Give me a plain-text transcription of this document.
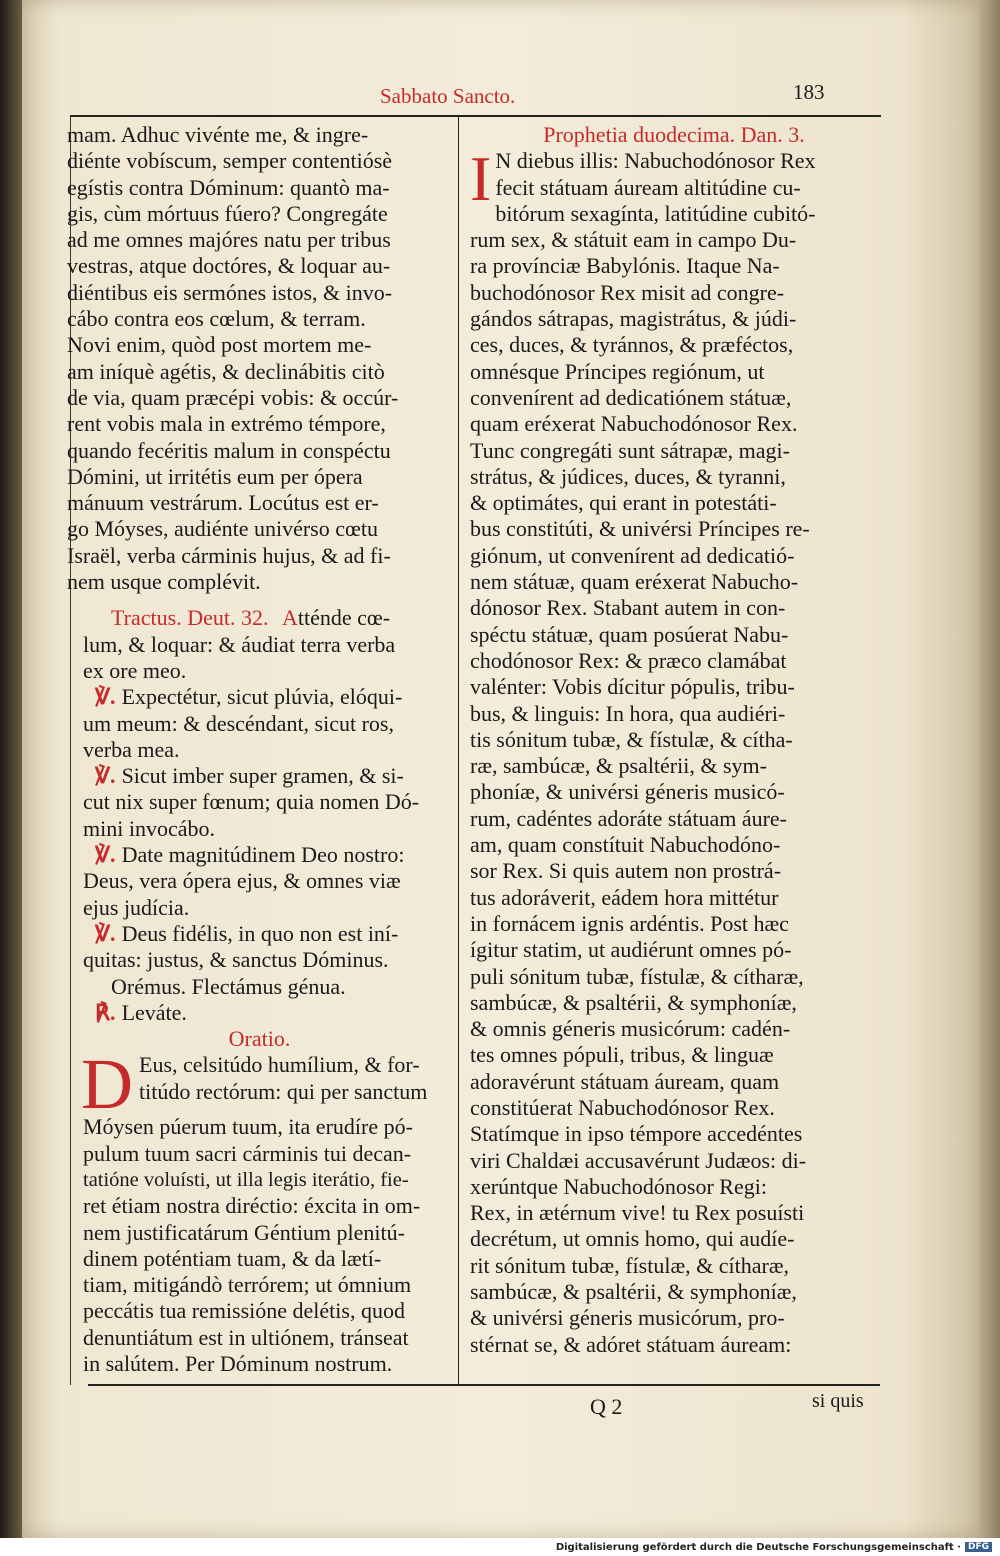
Sabbato Sancto.	183
mam. Adhuc vivénte me, & ingre-
diénte vobíscum, semper contentiósè
egístis contra Dóminum: quantò ma-
gis, cùm mórtuus fúero? Congregáte
ad me omnes majóres natu per tribus
vestras, atque doctóres, & loquar au-
diéntibus eis sermónes istos, & invo-
cábo contra eos cœlum, & terram.
Novi enim, quòd post mortem me-
am iníquè agétis, & declinábitis citò
de via, quam præcépi vobis: & occúr-
rent vobis mala in extrémo témpore,
quando fecéritis malum in conspéctu
Dómini, ut irritétis eum per ópera
mánuum vestrárum. Locútus est er-
go Móyses, audiénte univérso cœtu
Israël, verba cárminis hujus, & ad fi-
nem usque complévit.
Tractus. Deut. 32. Atténde cœ-
lum, & loquar: & áudiat terra verba
ex ore meo.
℣. Expectétur, sicut plúvia, elóqui-
um meum: & descéndant, sicut ros,
verba mea.
℣. Sicut imber super gramen, & si-
cut nix super fœnum; quia nomen Dó-
mini invocábo.
℣. Date magnitúdinem Deo nostro:
Deus, vera ópera ejus, & omnes viæ
ejus judícia.
℣. Deus fidélis, in quo non est iní-
quitas: justus, & sanctus Dóminus.
Orémus. Flectámus génua.
℟. Leváte.
Oratio.
D Eus, celsitúdo humílium, & for-
titúdo rectórum: qui per sanctum
Móysen púerum tuum, ita erudíre pó-
pulum tuum sacri cárminis tui decan-
tatióne voluísti, ut illa legis iterátio, fie-
ret étiam nostra diréctio: éxcita in om-
nem justificatárum Géntium plenitú-
dinem poténtiam tuam, & da lætí-
tiam, mitigándò terrórem; ut ómnium
peccátis tua remissióne delétis, quod
denuntiátum est in ultiónem, tránseat
in salútem. Per Dóminum nostrum.
Prophetia duodecima. Dan. 3.
I N diebus illis: Nabuchodónosor Rex
fecit státuam áuream altitúdine cu-
bitórum sexagínta, latitúdine cubitó-
rum sex, & státuit eam in campo Du-
ra provínciæ Babylónis. Itaque Na-
buchodónosor Rex misit ad congre-
gándos sátrapas, magistrátus, & júdi-
ces, duces, & tyránnos, & præféctos,
omnésque Príncipes regiónum, ut
convenírent ad dedicatiónem státuæ,
quam eréxerat Nabuchodónosor Rex.
Tunc congregáti sunt sátrapæ, magi-
strátus, & júdices, duces, & tyranni,
& optimátes, qui erant in potestáti-
bus constitúti, & univérsi Príncipes re-
giónum, ut convenírent ad dedicatió-
nem státuæ, quam eréxerat Nabucho-
dónosor Rex. Stabant autem in con-
spéctu státuæ, quam posúerat Nabu-
chodónosor Rex: & præco clamábat
valénter: Vobis dícitur pópulis, tribu-
bus, & linguis: In hora, qua audiéri-
tis sónitum tubæ, & fístulæ, & cítha-
ræ, sambúcæ, & psaltérii, & sym-
phoníæ, & univérsi géneris musicó-
rum, cadéntes adoráte státuam áure-
am, quam constítuit Nabuchodóno-
sor Rex. Si quis autem non prostrá-
tus adoráverit, eádem hora mittétur
in fornácem ignis ardéntis. Post hæc
ígitur statim, ut audiérunt omnes pó-
puli sónitum tubæ, fístulæ, & cítharæ,
sambúcæ, & psaltérii, & symphoníæ,
& omnis géneris musicórum: cadén-
tes omnes pópuli, tribus, & linguæ
adoravérunt státuam áuream, quam
constitúerat Nabuchodónosor Rex.
Statímque in ipso témpore accedéntes
viri Chaldæi accusavérunt Judæos: di-
xerúntque Nabuchodónosor Regi:
Rex, in ætérnum vive! tu Rex posuísti
decrétum, ut omnis homo, qui audíe-
rit sónitum tubæ, fístulæ, & cítharæ,
sambúcæ, & psaltérii, & symphoníæ,
& univérsi géneris musicórum, pro-
stérnat se, & adóret státuam áuream:
Q 2	si quis
Digitalisierung gefördert durch die Deutsche Forschungsgemeinschaft · DFG
